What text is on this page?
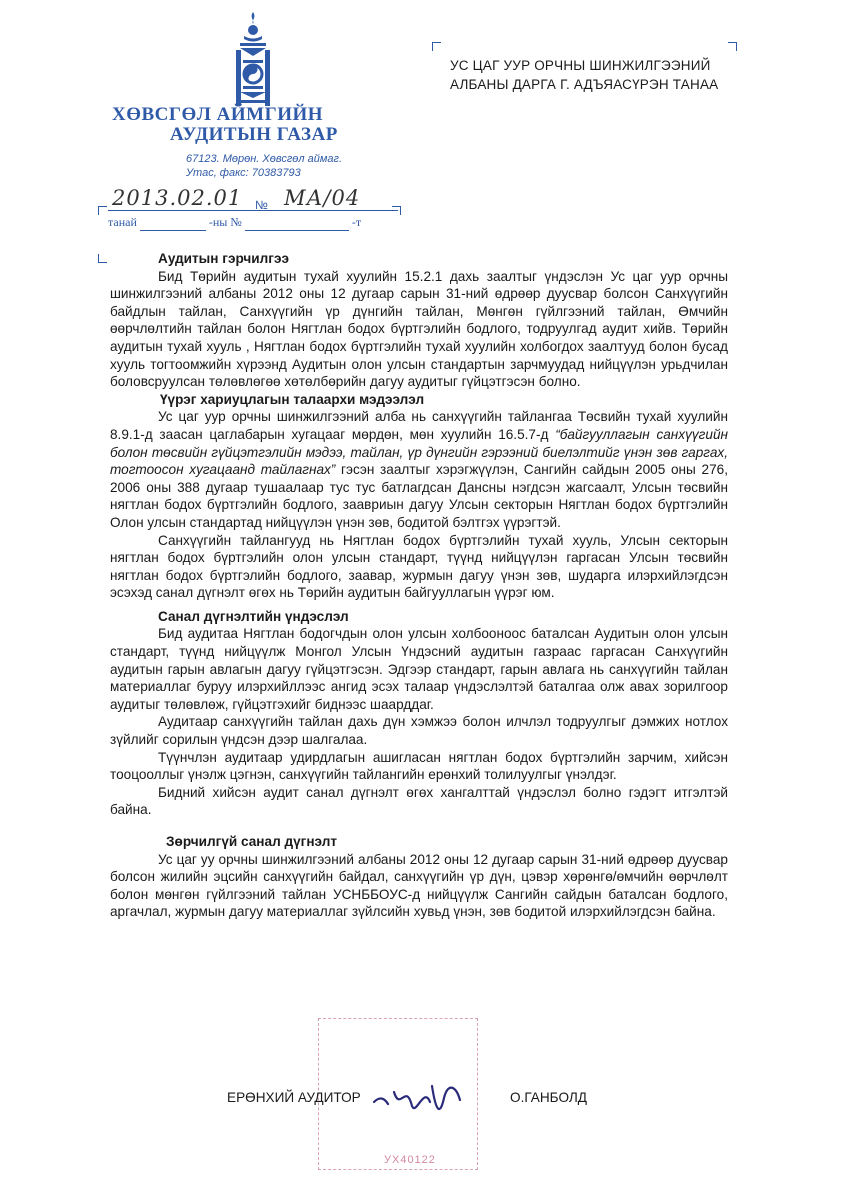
ХӨВСГӨЛ АЙМГИЙН
АУДИТЫН ГАЗАР
67123. Мөрөн. Хөвсгөл аймаг.
Утас, факс: 70383793
УС ЦАГ УУР ОРЧНЫ ШИНЖИЛГЭЭНИЙ
АЛБАНЫ ДАРГА Г. АДЪЯАСҮРЭН ТАНАА
2013.02.01 № МА/04
танай	-ны №	-т
Аудитын гэрчилгээ

Бид Төрийн аудитын тухай хуулийн 15.2.1 дахь заалтыг үндэслэн Ус цаг уур орчны шинжилгээний албаны 2012 оны 12 дугаар сарын 31-ний өдрөөр дуусвар болсон Санхүүгийн байдлын тайлан, Санхүүгийн үр дүнгийн тайлан, Мөнгөн гүйлгээний тайлан, Өмчийн өөрчлөлтийн тайлан болон Нягтлан бодох бүртгэлийн бодлого, тодруулгад аудит хийв. Төрийн аудитын тухай хууль , Нягтлан бодох бүртгэлийн тухай хуулийн холбогдох заалтууд болон бусад хууль тогтоомжийн хүрээнд Аудитын олон улсын стандартын зарчмуудад нийцүүлэн урьдчилан боловсруулсан төлөвлөгөө хөтөлбөрийн дагуу аудитыг гүйцэтгэсэн болно.

Үүрэг хариуцлагын талаархи мэдээлэл

Ус цаг уур орчны шинжилгээний алба нь санхүүгийн тайлангаа Төсвийн тухай хуулийн 8.9.1-д заасан цаглабарын хугацааг мөрдөн, мөн хуулийн 16.5.7-д “байгууллагын санхүүгийн болон төсвийн гүйцэтгэлийн мэдээ, тайлан, үр дүнгийн гэрээний биелэлтийг үнэн зөв гаргах, тогтоосон хугацаанд тайлагнах” гэсэн заалтыг хэрэгжүүлэн, Сангийн сайдын 2005 оны 276, 2006 оны 388 дугаар тушаалаар тус тус батлагдсан Дансны нэгдсэн жагсаалт, Улсын төсвийн нягтлан бодох бүртгэлийн бодлого, заавриын дагуу Улсын секторын Нягтлан бодох бүртгэлийн Олон улсын стандартад нийцүүлэн үнэн зөв, бодитой бэлтгэх үүрэгтэй.

Санхүүгийн тайлангууд нь Нягтлан бодох бүртгэлийн тухай хууль, Улсын секторын нягтлан бодох бүртгэлийн олон улсын стандарт, түүнд нийцүүлэн гаргасан Улсын төсвийн нягтлан бодох бүртгэлийн бодлого, заавар, журмын дагуу үнэн зөв, шударга илэрхийлэгдсэн эсэхэд санал дүгнэлт өгөх нь Төрийн аудитын байгууллагын үүрэг юм.

Санал дүгнэлтийн үндэслэл

Бид аудитаа Нягтлан бодогчдын олон улсын холбооноос баталсан Аудитын олон улсын стандарт, түүнд нийцүүлж Монгол Улсын Үндэсний аудитын газраас гаргасан Санхүүгийн аудитын гарын авлагын дагуу гүйцэтгэсэн. Эдгээр стандарт, гарын авлага нь санхүүгийн тайлан материаллаг буруу илэрхийллээс ангид эсэх талаар үндэслэлтэй баталгаа олж авах зорилгоор аудитыг төлөвлөж, гүйцэтгэхийг биднээс шаарддаг.

Аудитаар санхүүгийн тайлан дахь дүн хэмжээ болон илчлэл тодруулгыг дэмжих нотлох зүйлийг сорилын үндсэн дээр шалгалаа.

Түүнчлэн аудитаар удирдлагын ашигласан нягтлан бодох бүртгэлийн зарчим, хийсэн тооцооллыг үнэлж цэгнэн, санхүүгийн тайлангийн ерөнхий толилуулгыг үнэлдэг.

Бидний хийсэн аудит санал дүгнэлт өгөх хангалттай үндэслэл болно гэдэгт итгэлтэй байна.

Зөрчилгүй санал дүгнэлт

Ус цаг уу орчны шинжилгээний албаны 2012 оны 12 дугаар сарын 31-ний өдрөөр дуусвар болсон жилийн эцсийн санхүүгийн байдал, санхүүгийн үр дүн, цэвэр хөрөнгө/өмчийн өөрчлөлт болон мөнгөн гүйлгээний тайлан УСНББОУС-д нийцүүлж Сангийн сайдын баталсан бодлого, аргачлал, журмын дагуу материаллаг зүйлсийн хувьд үнэн, зөв бодитой илэрхийлэгдсэн байна.

УХ40122
ЕРӨНХИЙ АУДИТОР	О.ГАНБОЛД
